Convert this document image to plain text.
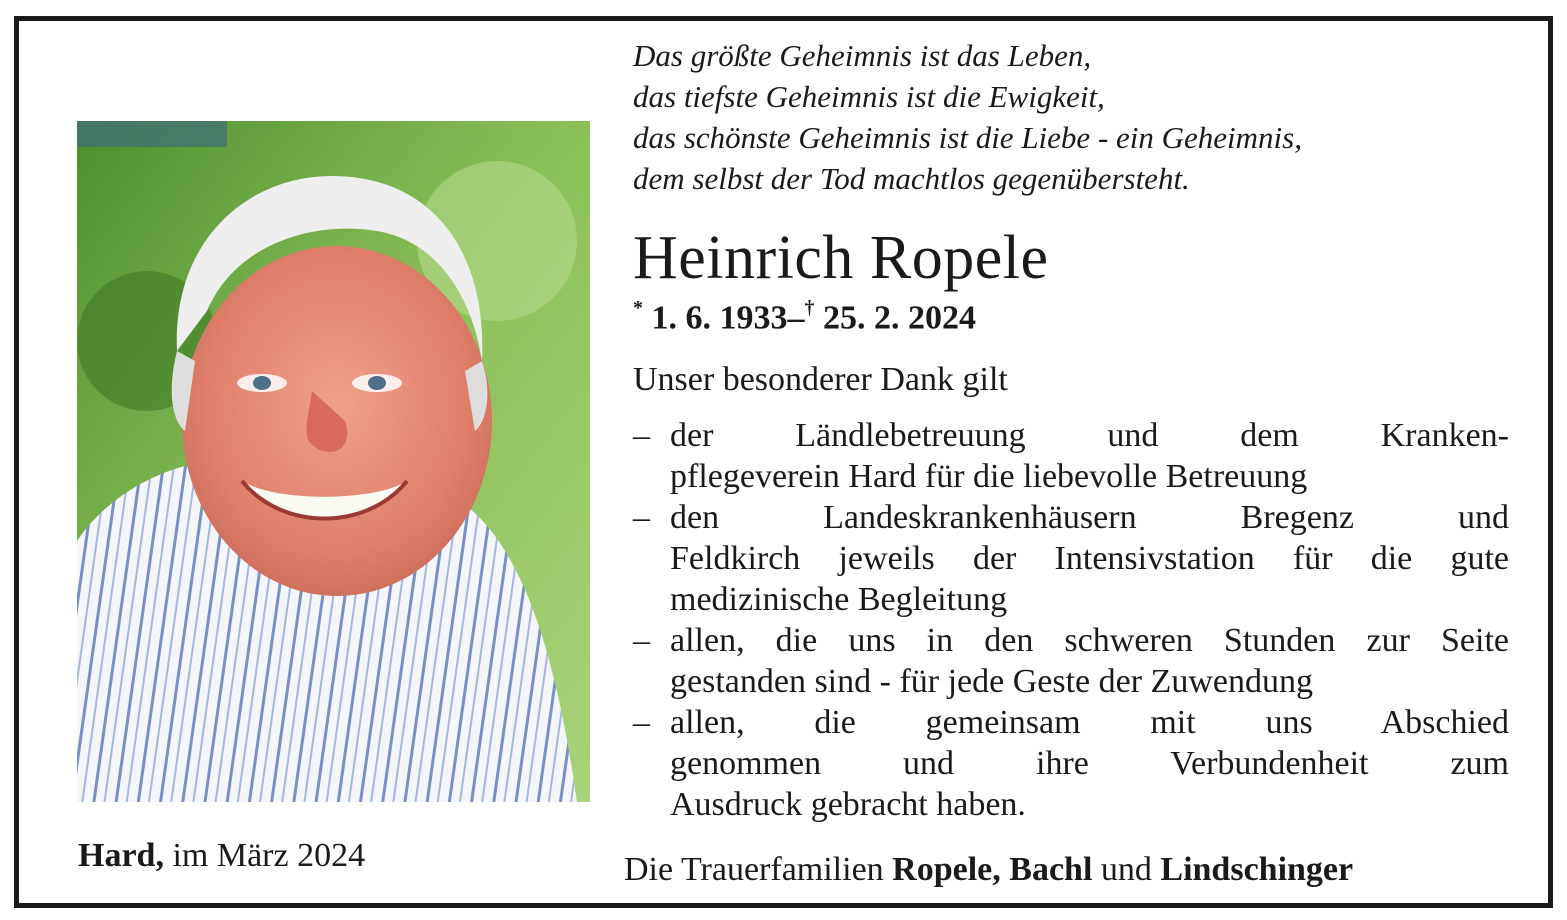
Hard, im März 2024
Das größte Geheimnis ist das Leben,
das tiefste Geheimnis ist die Ewigkeit,
das schönste Geheimnis ist die Liebe - ein Geheimnis,
dem selbst der Tod machtlos gegenübersteht.
Heinrich Ropele
* 1. 6. 1933–† 25. 2. 2024
Unser besonderer Dank gilt
– der Ländlebetreuung und dem Kranken-
pflegeverein Hard für die liebevolle Betreuung
– den Landeskrankenhäusern Bregenz und
Feldkirch jeweils der Intensivstation für die gute
medizinische Begleitung
– allen, die uns in den schweren Stunden zur Seite
gestanden sind - für jede Geste der Zuwendung
– allen, die gemeinsam mit uns Abschied
genommen und ihre Verbundenheit zum
Ausdruck gebracht haben.
Die Trauerfamilien Ropele, Bachl und Lindschinger
